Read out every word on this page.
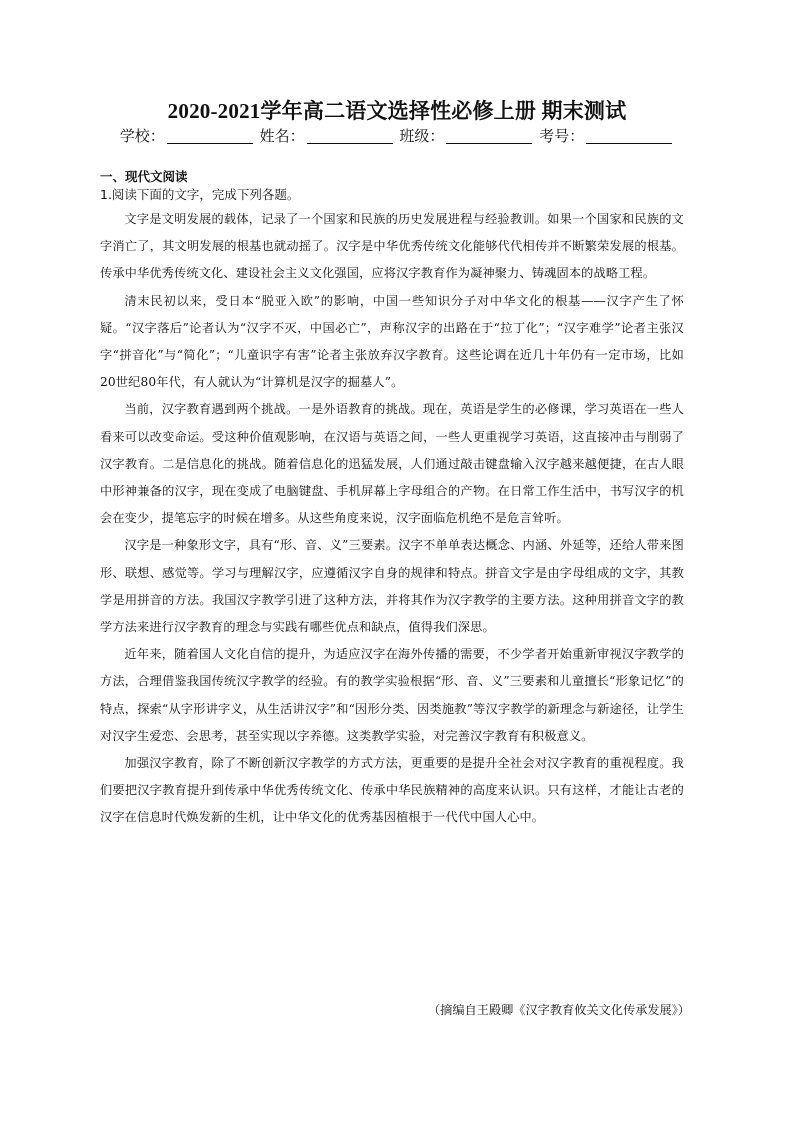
2020-2021学年高二语文选择性必修上册 期末测试
学校：	姓名：	班级：	考号：
一、现代文阅读
1.阅读下面的文字，完成下列各题。

文字是文明发展的载体，记录了一个国家和民族的历史发展进程与经验教训。如果一个国家和民族的文字消亡了，其文明发展的根基也就动摇了。汉字是中华优秀传统文化能够代代相传并不断繁荣发展的根基。传承中华优秀传统文化、建设社会主义文化强国，应将汉字教育作为凝神聚力、铸魂固本的战略工程。

清末民初以来，受日本“脱亚入欧”的影响，中国一些知识分子对中华文化的根基——汉字产生了怀疑。“汉字落后”论者认为“汉字不灭，中国必亡”，声称汉字的出路在于“拉丁化”；“汉字难学”论者主张汉字“拼音化”与“简化”；“儿童识字有害”论者主张放弃汉字教育。这些论调在近几十年仍有一定市场，比如20世纪80年代，有人就认为“计算机是汉字的掘墓人”。

当前，汉字教育遇到两个挑战。一是外语教育的挑战。现在，英语是学生的必修课，学习英语在一些人看来可以改变命运。受这种价值观影响，在汉语与英语之间，一些人更重视学习英语，这直接冲击与削弱了汉字教育。二是信息化的挑战。随着信息化的迅猛发展，人们通过敲击键盘输入汉字越来越便捷，在古人眼中形神兼备的汉字，现在变成了电脑键盘、手机屏幕上字母组合的产物。在日常工作生活中，书写汉字的机会在变少，提笔忘字的时候在增多。从这些角度来说，汉字面临危机绝不是危言耸听。

汉字是一种象形文字，具有“形、音、义”三要素。汉字不单单表达概念、内涵、外延等，还给人带来图形、联想、感觉等。学习与理解汉字，应遵循汉字自身的规律和特点。拼音文字是由字母组成的文字，其教学是用拼音的方法。我国汉字教学引进了这种方法，并将其作为汉字教学的主要方法。这种用拼音文字的教学方法来进行汉字教育的理念与实践有哪些优点和缺点，值得我们深思。

近年来，随着国人文化自信的提升，为适应汉字在海外传播的需要，不少学者开始重新审视汉字教学的方法，合理借鉴我国传统汉字教学的经验。有的教学实验根据“形、音、义”三要素和儿童擅长“形象记忆”的特点，探索“从字形讲字义，从生活讲汉字”和“因形分类、因类施教”等汉字教学的新理念与新途径，让学生对汉字生爱恋、会思考，甚至实现以字养德。这类教学实验，对完善汉字教育有积极意义。

加强汉字教育，除了不断创新汉字教学的方式方法，更重要的是提升全社会对汉字教育的重视程度。我们要把汉字教育提升到传承中华优秀传统文化、传承中华民族精神的高度来认识。只有这样，才能让古老的汉字在信息时代焕发新的生机，让中华文化的优秀基因植根于一代代中国人心中。

（摘编自王殿卿《汉字教育攸关文化传承发展》）
